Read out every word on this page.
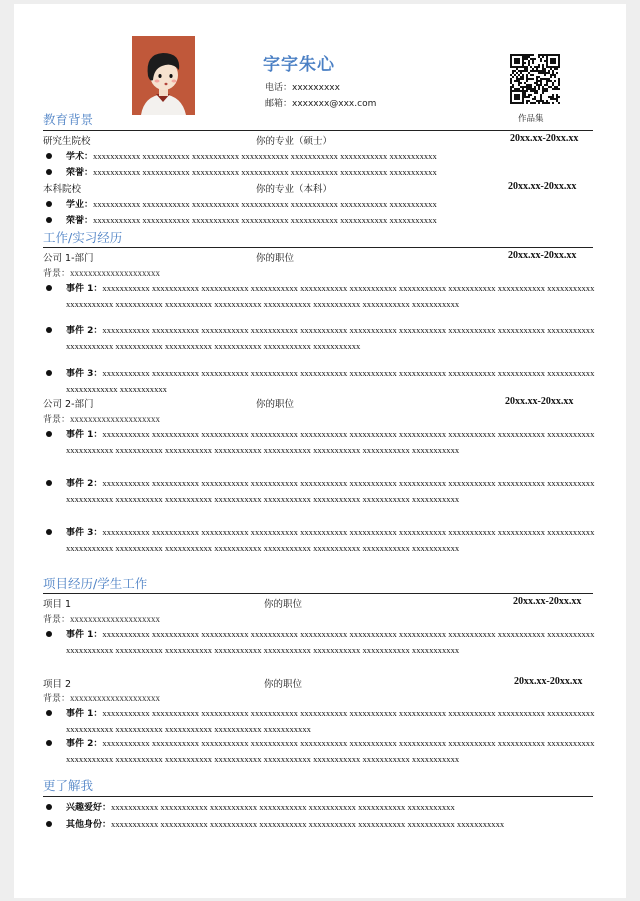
字字朱心
电话：xxxxxxxxx
邮箱：xxxxxxx@xxx.com
作品集
教育背景
研究生院校	你的专业（硕士）	20xx.xx-20xx.xx
学术：xxxxxxxxxxx xxxxxxxxxxx xxxxxxxxxxx xxxxxxxxxxx xxxxxxxxxxx xxxxxxxxxxx xxxxxxxxxxx
荣誉：xxxxxxxxxxx xxxxxxxxxxx xxxxxxxxxxx xxxxxxxxxxx xxxxxxxxxxx xxxxxxxxxxx xxxxxxxxxxx
本科院校	你的专业（本科）	20xx.xx-20xx.xx
学业：xxxxxxxxxxx xxxxxxxxxxx xxxxxxxxxxx xxxxxxxxxxx xxxxxxxxxxx xxxxxxxxxxx xxxxxxxxxxx
荣誉：xxxxxxxxxxx xxxxxxxxxxx xxxxxxxxxxx xxxxxxxxxxx xxxxxxxxxxx xxxxxxxxxxx xxxxxxxxxxx
工作/实习经历
公司 1-部门	你的职位	20xx.xx-20xx.xx
背景：xxxxxxxxxxxxxxxxxxxx
事件 1：xxxxxxxxxxx xxxxxxxxxxx xxxxxxxxxxx xxxxxxxxxxx xxxxxxxxxxx xxxxxxxxxxx xxxxxxxxxxx xxxxxxxxxxx xxxxxxxxxxx xxxxxxxxxxx xxxxxxxxxxx xxxxxxxxxxx xxxxxxxxxxx xxxxxxxxxxx xxxxxxxxxxx xxxxxxxxxxx xxxxxxxxxxx xxxxxxxxxxx
事件 2：xxxxxxxxxxx xxxxxxxxxxx xxxxxxxxxxx xxxxxxxxxxx xxxxxxxxxxx xxxxxxxxxxx xxxxxxxxxxx xxxxxxxxxxx xxxxxxxxxxx xxxxxxxxxxx xxxxxxxxxxx xxxxxxxxxxx xxxxxxxxxxx xxxxxxxxxxx xxxxxxxxxxx xxxxxxxxxxx
事件 3：xxxxxxxxxxx xxxxxxxxxxx xxxxxxxxxxx xxxxxxxxxxx xxxxxxxxxxx xxxxxxxxxxx xxxxxxxxxxx xxxxxxxxxxx xxxxxxxxxxx xxxxxxxxxxxxxxxxxxxxxxx xxxxxxxxxxx
公司 2-部门	你的职位	20xx.xx-20xx.xx
背景：xxxxxxxxxxxxxxxxxxxx
事件 1：xxxxxxxxxxx xxxxxxxxxxx xxxxxxxxxxx xxxxxxxxxxx xxxxxxxxxxx xxxxxxxxxxx xxxxxxxxxxx xxxxxxxxxxx xxxxxxxxxxx xxxxxxxxxxx xxxxxxxxxxx xxxxxxxxxxx xxxxxxxxxxx xxxxxxxxxxx xxxxxxxxxxx xxxxxxxxxxx xxxxxxxxxxx xxxxxxxxxxx
事件 2：xxxxxxxxxxx xxxxxxxxxxx xxxxxxxxxxx xxxxxxxxxxx xxxxxxxxxxx xxxxxxxxxxx xxxxxxxxxxx xxxxxxxxxxx xxxxxxxxxxx xxxxxxxxxxx xxxxxxxxxxx xxxxxxxxxxx xxxxxxxxxxx xxxxxxxxxxx xxxxxxxxxxx xxxxxxxxxxx xxxxxxxxxxx xxxxxxxxxxx
事件 3：xxxxxxxxxxx xxxxxxxxxxx xxxxxxxxxxx xxxxxxxxxxx xxxxxxxxxxx xxxxxxxxxxx xxxxxxxxxxx xxxxxxxxxxx xxxxxxxxxxx xxxxxxxxxxx xxxxxxxxxxx xxxxxxxxxxx xxxxxxxxxxx xxxxxxxxxxx xxxxxxxxxxx xxxxxxxxxxx xxxxxxxxxxx xxxxxxxxxxx
项目经历/学生工作
项目 1	你的职位	20xx.xx-20xx.xx
背景：xxxxxxxxxxxxxxxxxxxx
事件 1：xxxxxxxxxxx xxxxxxxxxxx xxxxxxxxxxx xxxxxxxxxxx xxxxxxxxxxx xxxxxxxxxxx xxxxxxxxxxx xxxxxxxxxxx xxxxxxxxxxx xxxxxxxxxxx xxxxxxxxxxx xxxxxxxxxxx xxxxxxxxxxx xxxxxxxxxxx xxxxxxxxxxx xxxxxxxxxxx xxxxxxxxxxx xxxxxxxxxxx
项目 2	你的职位	20xx.xx-20xx.xx
背景：xxxxxxxxxxxxxxxxxxxx
事件 1：xxxxxxxxxxx xxxxxxxxxxx xxxxxxxxxxx xxxxxxxxxxx xxxxxxxxxxx xxxxxxxxxxx xxxxxxxxxxx xxxxxxxxxxx xxxxxxxxxxx xxxxxxxxxxx xxxxxxxxxxx xxxxxxxxxxx xxxxxxxxxxx xxxxxxxxxxx xxxxxxxxxxx
事件 2：xxxxxxxxxxx xxxxxxxxxxx xxxxxxxxxxx xxxxxxxxxxx xxxxxxxxxxx xxxxxxxxxxx xxxxxxxxxxx xxxxxxxxxxx xxxxxxxxxxx xxxxxxxxxxx xxxxxxxxxxx xxxxxxxxxxx xxxxxxxxxxx xxxxxxxxxxx xxxxxxxxxxx xxxxxxxxxxx xxxxxxxxxxx xxxxxxxxxxx
更了解我
兴趣爱好：xxxxxxxxxxx xxxxxxxxxxx xxxxxxxxxxx xxxxxxxxxxx xxxxxxxxxxx xxxxxxxxxxx xxxxxxxxxxx
其他身份：xxxxxxxxxxx xxxxxxxxxxx xxxxxxxxxxx xxxxxxxxxxx xxxxxxxxxxx xxxxxxxxxxx xxxxxxxxxxx xxxxxxxxxxx
